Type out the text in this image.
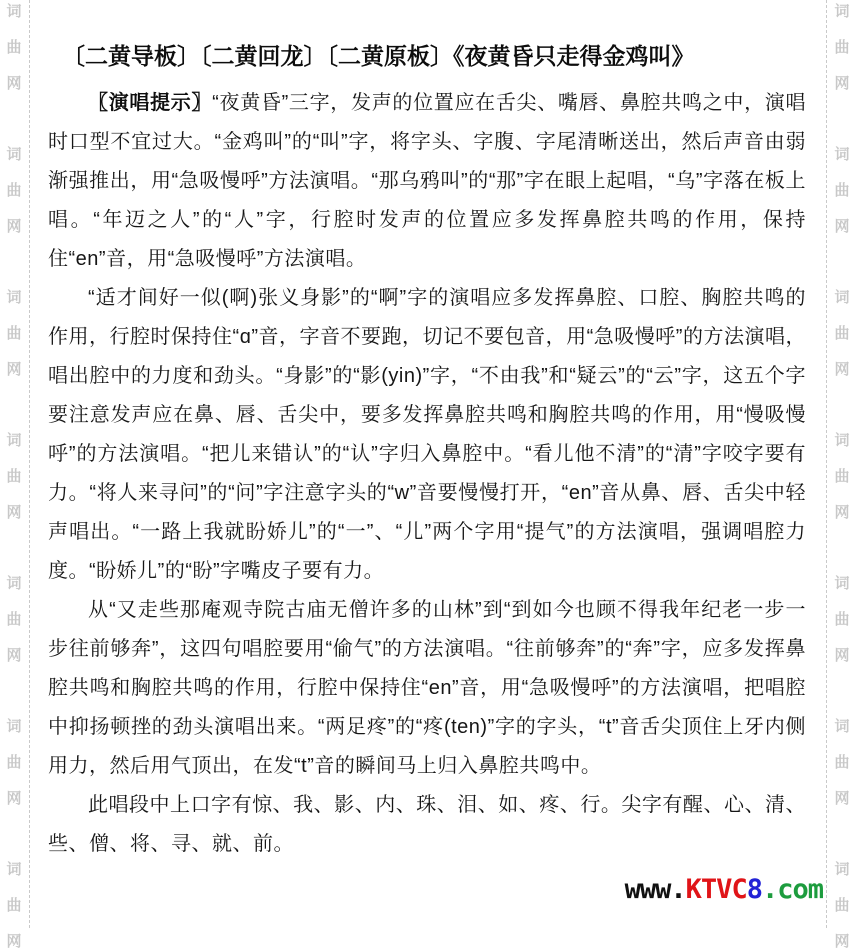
词
曲
网
词
曲
网
词
曲
网
词
曲
网
词
曲
网
词
曲
网
词
曲
网
〔二黄导板〕〔二黄回龙〕〔二黄原板〕《夜黄昏只走得金鸡叫》

〖演唱提示〗“夜黄昏”三字，发声的位置应在舌尖、嘴唇、鼻腔共鸣之中，演唱时口型不宜过大。“金鸡叫”的“叫”字，将字头、字腹、字尾清晰送出，然后声音由弱渐强推出，用“急吸慢呼”方法演唱。“那乌鸦叫”的“那”字在眼上起唱，“乌”字落在板上唱。“年迈之人”的“人”字，行腔时发声的位置应多发挥鼻腔共鸣的作用，保持住“en”音，用“急吸慢呼”方法演唱。

“适才间好一似(啊)张义身影”的“啊”字的演唱应多发挥鼻腔、口腔、胸腔共鸣的作用，行腔时保持住“ɑ”音，字音不要跑，切记不要包音，用“急吸慢呼”的方法演唱，唱出腔中的力度和劲头。“身影”的“影(yin)”字，“不由我”和“疑云”的“云”字，这五个字要注意发声应在鼻、唇、舌尖中，要多发挥鼻腔共鸣和胸腔共鸣的作用，用“慢吸慢呼”的方法演唱。“把儿来错认”的“认”字归入鼻腔中。“看儿他不清”的“清”字咬字要有力。“将人来寻问”的“问”字注意字头的“w”音要慢慢打开，“en”音从鼻、唇、舌尖中轻声唱出。“一路上我就盼娇儿”的“一”、“儿”两个字用“提气”的方法演唱，强调唱腔力度。“盼娇儿”的“盼”字嘴皮子要有力。

从“又走些那庵观寺院古庙无僧许多的山林”到“到如今也顾不得我年纪老一步一步往前够奔”，这四句唱腔要用“偷气”的方法演唱。“往前够奔”的“奔”字，应多发挥鼻腔共鸣和胸腔共鸣的作用，行腔中保持住“en”音，用“急吸慢呼”的方法演唱，把唱腔中抑扬顿挫的劲头演唱出来。“两足疼”的“疼(ten)”字的字头，“t”音舌尖顶住上牙内侧用力，然后用气顶出，在发“t”音的瞬间马上归入鼻腔共鸣中。

此唱段中上口字有惊、我、影、内、珠、泪、如、疼、行。尖字有醒、心、清、些、僧、将、寻、就、前。

词
曲
网
词
曲
网
词
曲
网
词
曲
网
词
曲
网
词
曲
网
词
曲
网
www.KTVC8.com
